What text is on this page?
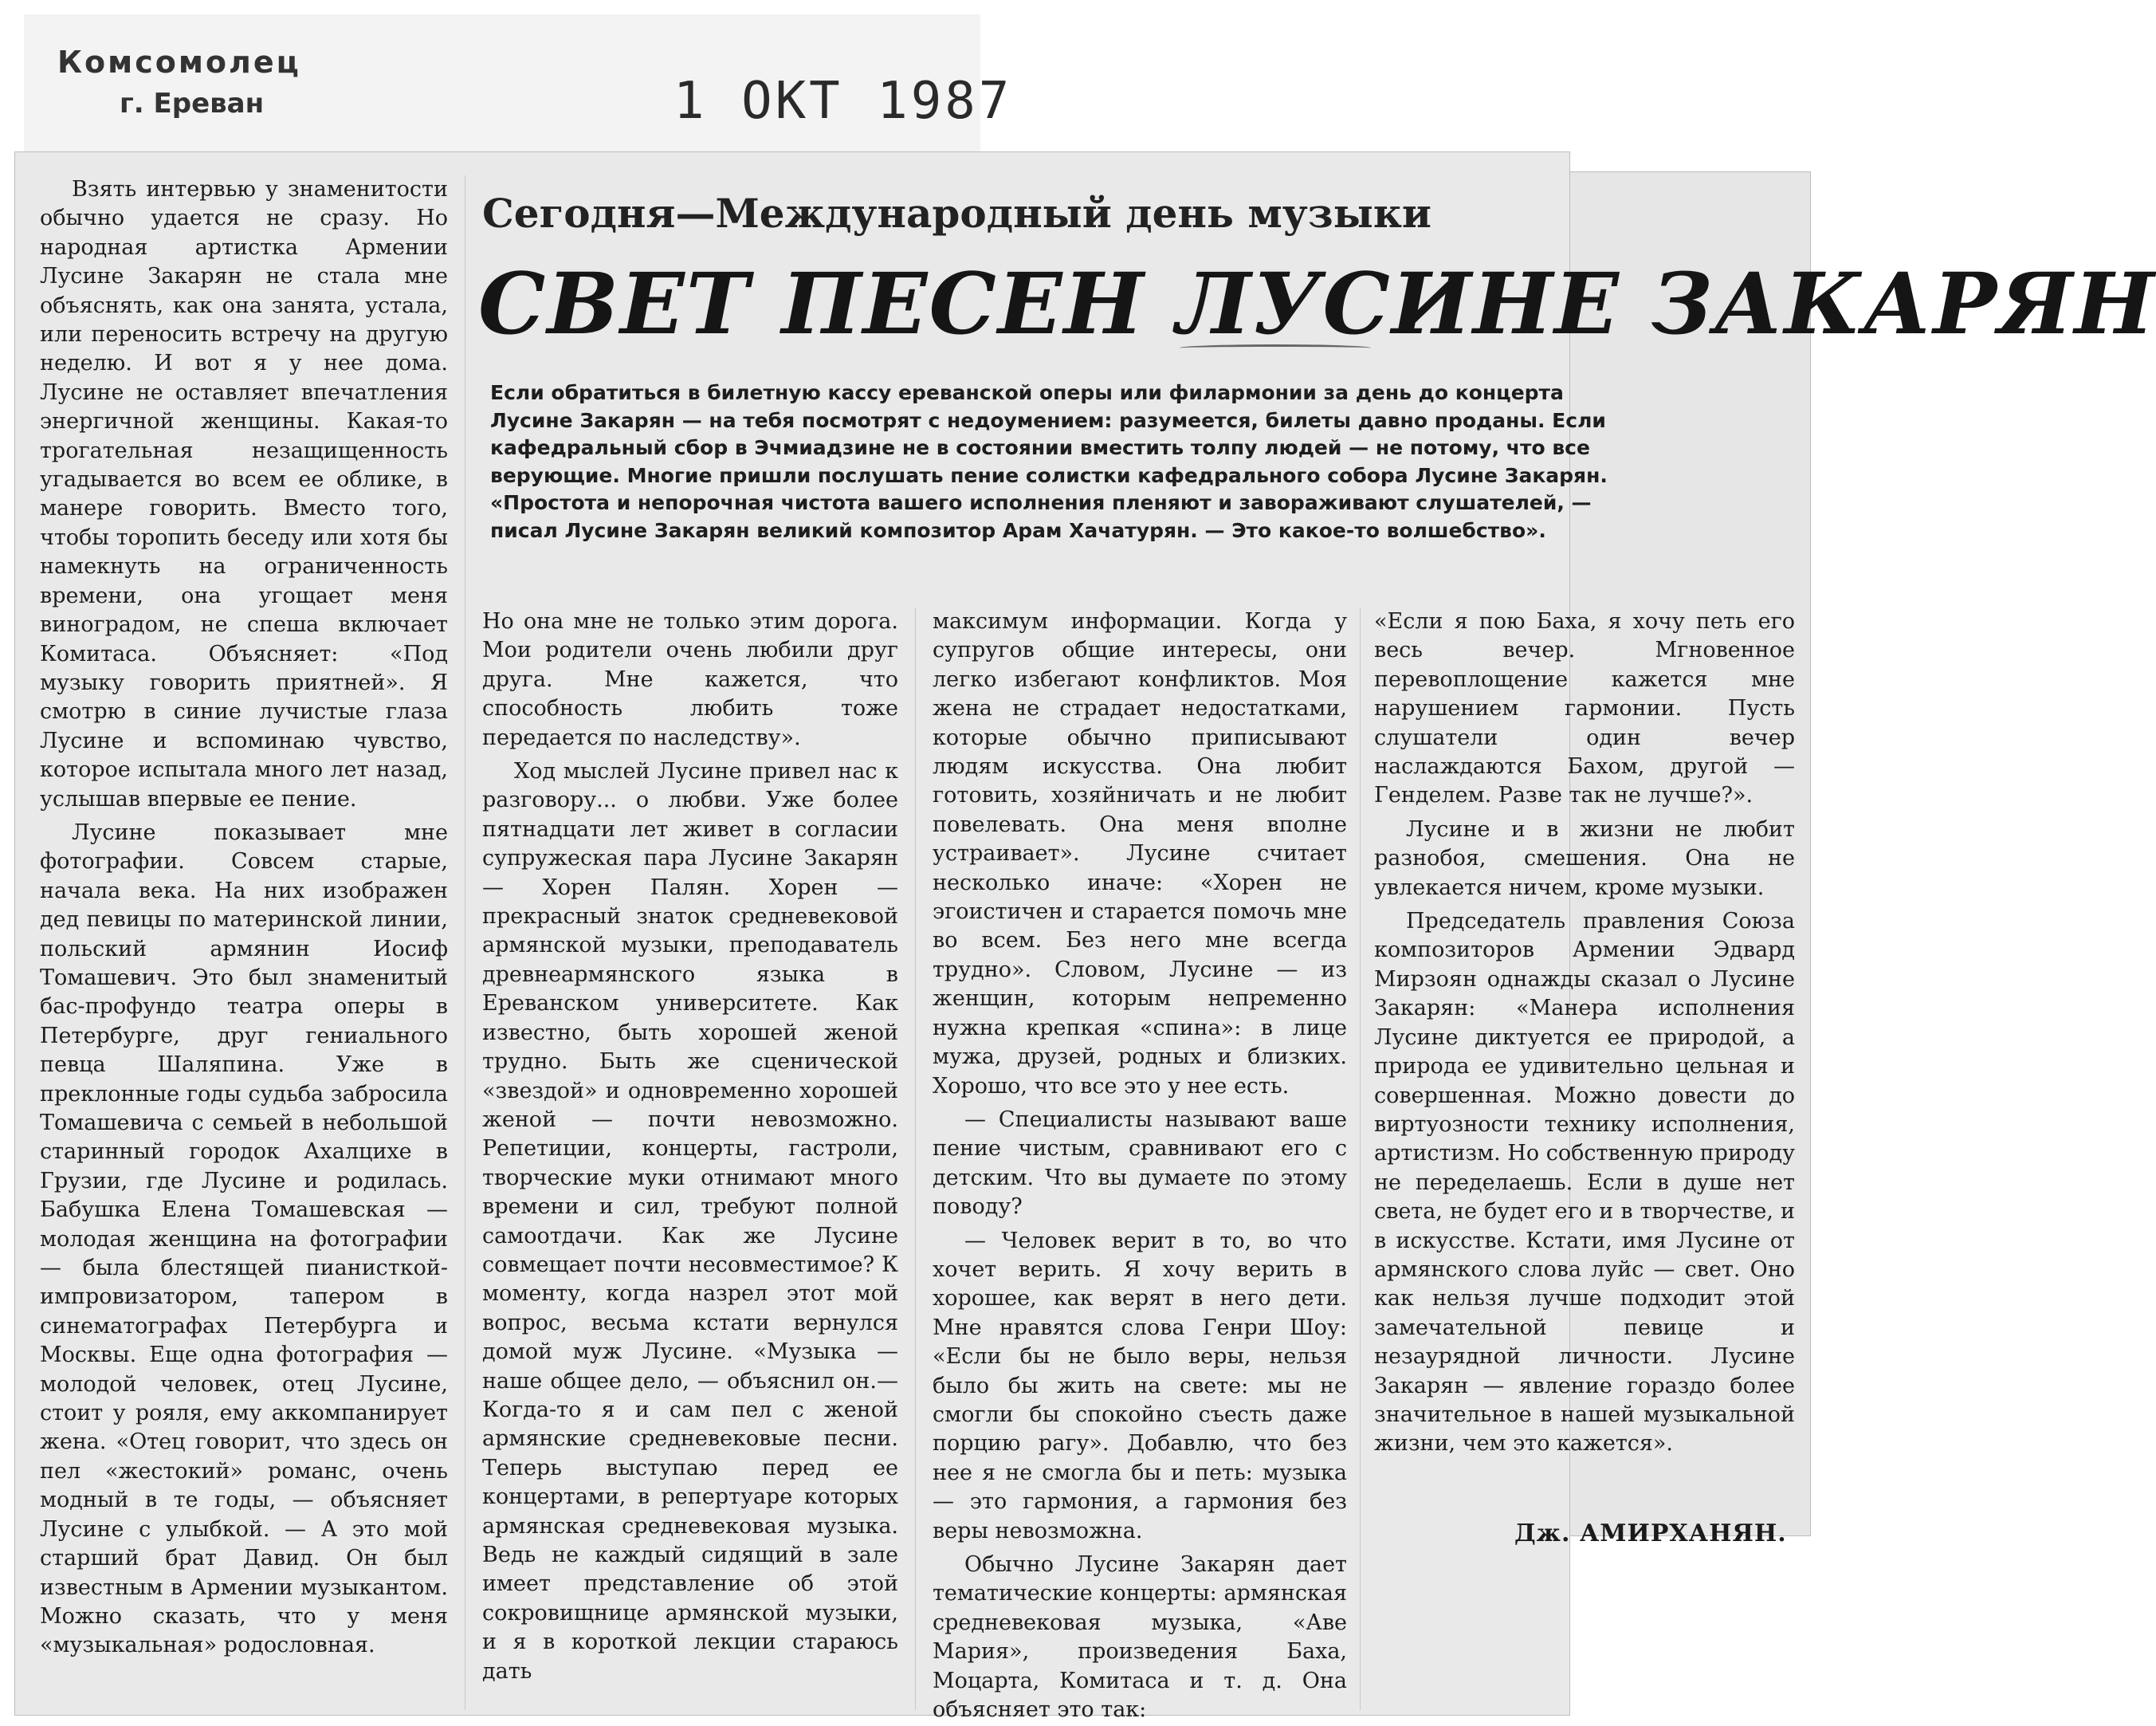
Комсомолец
г. Ереван	1 ОКТ 1987
Сегодня—Международный день музыки
СВЕТ ПЕСЕН ЛУСИНЕ ЗАКАРЯН
Если обратиться в билетную кассу ереванской оперы или филармонии за день до концерта Лусине Закарян — на тебя посмотрят с недоумением: разумеется, билеты давно проданы. Если кафедральный сбор в Эчмиадзине не в состоянии вместить толпу людей — не потому, что все верующие. Многие пришли послушать пение солистки кафедрального собора Лусине Закарян. «Простота и непорочная чистота вашего исполнения пленяют и завораживают слушателей, — писал Лусине Закарян великий композитор Арам Хачатурян. — Это какое-то волшебство».

Взять интервью у знаменитости обычно удается не сразу. Но народная артистка Армении Лусине Закарян не стала мне объяснять, как она занята, устала, или переносить встречу на другую неделю. И вот я у нее дома. Лусине не оставляет впечатления энергичной женщины. Какая-то трогательная незащищенность угадывается во всем ее облике, в манере говорить. Вместо того, чтобы торопить беседу или хотя бы намекнуть на ограниченность времени, она угощает меня виноградом, не спеша включает Комитаса. Объясняет: «Под музыку говорить приятней». Я смотрю в синие лучистые глаза Лусине и вспоминаю чувство, которое испытала много лет назад, услышав впервые ее пение.

Лусине показывает мне фотографии. Совсем старые, начала века. На них изображен дед певицы по материнской линии, польский армянин Иосиф Томашевич. Это был знаменитый бас-профундо театра оперы в Петербурге, друг гениального певца Шаляпина. Уже в преклонные годы судьба забросила Томашевича с семьей в небольшой старинный городок Ахалцихе в Грузии, где Лусине и родилась. Бабушка Елена Томашевская — молодая женщина на фотографии — была блестящей пианисткой-импровизатором, тапером в синематографах Петербурга и Москвы. Еще одна фотография — молодой человек, отец Лусине, стоит у рояля, ему аккомпанирует жена. «Отец говорит, что здесь он пел «жестокий» романс, очень модный в те годы, — объясняет Лусине с улыбкой. — А это мой старший брат Давид. Он был известным в Армении музыкантом. Можно сказать, что у меня «музыкальная» родословная.

Но она мне не только этим дорога. Мои родители очень любили друг друга. Мне кажется, что способность любить тоже передается по наследству».

Ход мыслей Лусине привел нас к разговору... о любви. Уже более пятнадцати лет живет в согласии супружеская пара Лусине Закарян — Хорен Палян. Хорен — прекрасный знаток средневековой армянской музыки, преподаватель древнеармянского языка в Ереванском университете. Как известно, быть хорошей женой трудно. Быть же сценической «звездой» и одновременно хорошей женой — почти невозможно. Репетиции, концерты, гастроли, творческие муки отнимают много времени и сил, требуют полной самоотдачи. Как же Лусине совмещает почти несовместимое? К моменту, когда назрел этот мой вопрос, весьма кстати вернулся домой муж Лусине. «Музыка — наше общее дело, — объяснил он.—Когда-то я и сам пел с женой армянские средневековые песни. Теперь выступаю перед ее концертами, в репертуаре которых армянская средневековая музыка. Ведь не каждый сидящий в зале имеет представление об этой сокровищнице армянской музыки, и я в короткой лекции стараюсь дать

максимум информации. Когда у супругов общие интересы, они легко избегают конфликтов. Моя жена не страдает недостатками, которые обычно приписывают людям искусства. Она любит готовить, хозяйничать и не любит повелевать. Она меня вполне устраивает». Лусине считает несколько иначе: «Хорен не эгоистичен и старается помочь мне во всем. Без него мне всегда трудно». Словом, Лусине — из женщин, которым непременно нужна крепкая «спина»: в лице мужа, друзей, родных и близких. Хорошо, что все это у нее есть.

— Специалисты называют ваше пение чистым, сравнивают его с детским. Что вы думаете по этому поводу?

— Человек верит в то, во что хочет верить. Я хочу верить в хорошее, как верят в него дети. Мне нравятся слова Генри Шоу: «Если бы не было веры, нельзя было бы жить на свете: мы не смогли бы спокойно съесть даже порцию рагу». Добавлю, что без нее я не смогла бы и петь: музыка — это гармония, а гармония без веры невозможна.

Обычно Лусине Закарян дает тематические концерты: армянская средневековая музыка, «Аве Мария», произведения Баха, Моцарта, Комитаса и т. д. Она объясняет это так:

«Если я пою Баха, я хочу петь его весь вечер. Мгновенное перевоплощение кажется мне нарушением гармонии. Пусть слушатели один вечер наслаждаются Бахом, другой — Генделем. Разве так не лучше?».

Лусине и в жизни не любит разнобоя, смешения. Она не увлекается ничем, кроме музыки.

Председатель правления Союза композиторов Армении Эдвард Мирзоян однажды сказал о Лусине Закарян: «Манера исполнения Лусине диктуется ее природой, а природа ее удивительно цельная и совершенная. Можно довести до виртуозности технику исполнения, артистизм. Но собственную природу не переделаешь. Если в душе нет света, не будет его и в творчестве, и в искусстве. Кстати, имя Лусине от армянского слова луйс — свет. Оно как нельзя лучше подходит этой замечательной певице и незаурядной личности. Лусине Закарян — явление гораздо более значительное в нашей музыкальной жизни, чем это кажется».

Дж. АМИРХАНЯН.
